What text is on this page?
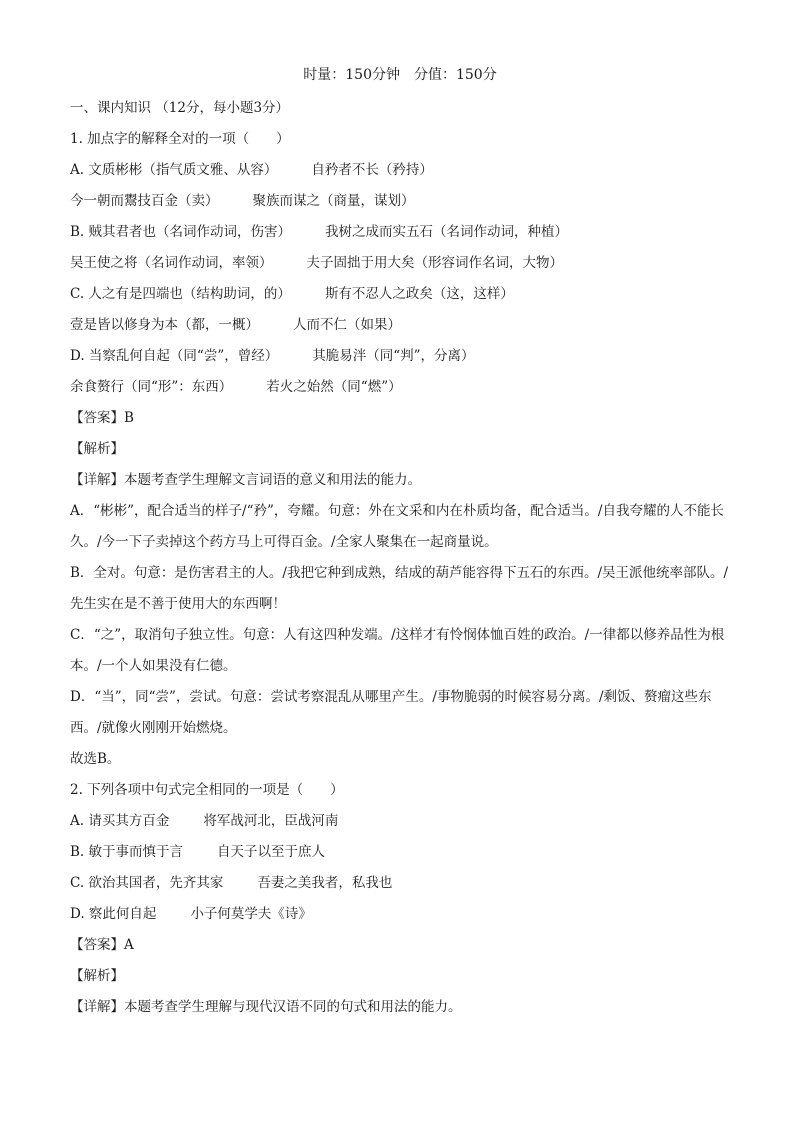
时量：150分钟　分值：150分
一、课内知识 （12分，每小题3分）
1. 加点字的解释全对的一项（　　）
A. 文质彬彬（指气质文雅、从容）	自矜者不长（矜持）
今一朝而鬻技百金（卖）	聚族而谋之（商量，谋划）
B. 贼其君者也（名词作动词，伤害）	我树之成而实五石（名词作动词，种植）
吴王使之将（名词作动词，率领）	夫子固拙于用大矣（形容词作名词，大物）
C. 人之有是四端也（结构助词，的）	斯有不忍人之政矣（这，这样）
壹是皆以修身为本（都，一概）	人而不仁（如果）
D. 当察乱何自起（同“尝”，曾经）	其脆易泮（同“判”，分离）
余食赘行（同“形”：东西）	若火之始然（同“燃”）
【答案】B
【解析】
【详解】本题考查学生理解文言词语的意义和用法的能力。
A．“彬彬”，配合适当的样子/“矜”，夸耀。句意：外在文采和内在朴质均备，配合适当。/自我夸耀的人不能长久。/今一下子卖掉这个药方马上可得百金。/全家人聚集在一起商量说。
B．全对。句意：是伤害君主的人。/我把它种到成熟，结成的葫芦能容得下五石的东西。/吴王派他统率部队。/先生实在是不善于使用大的东西啊！
C．“之”，取消句子独立性。句意：人有这四种发端。/这样才有怜悯体恤百姓的政治。/一律都以修养品性为根本。/一个人如果没有仁德。
D．“当”，同“尝”，尝试。句意：尝试考察混乱从哪里产生。/事物脆弱的时候容易分离。/剩饭、赘瘤这些东西。/就像火刚刚开始燃烧。
故选B。
2. 下列各项中句式完全相同的一项是（　　）
A. 请买其方百金	将军战河北，臣战河南
B. 敏于事而慎于言	自天子以至于庶人
C. 欲治其国者，先齐其家	吾妻之美我者，私我也
D. 察此何自起	小子何莫学夫《诗》
【答案】A
【解析】
【详解】本题考查学生理解与现代汉语不同的句式和用法的能力。
